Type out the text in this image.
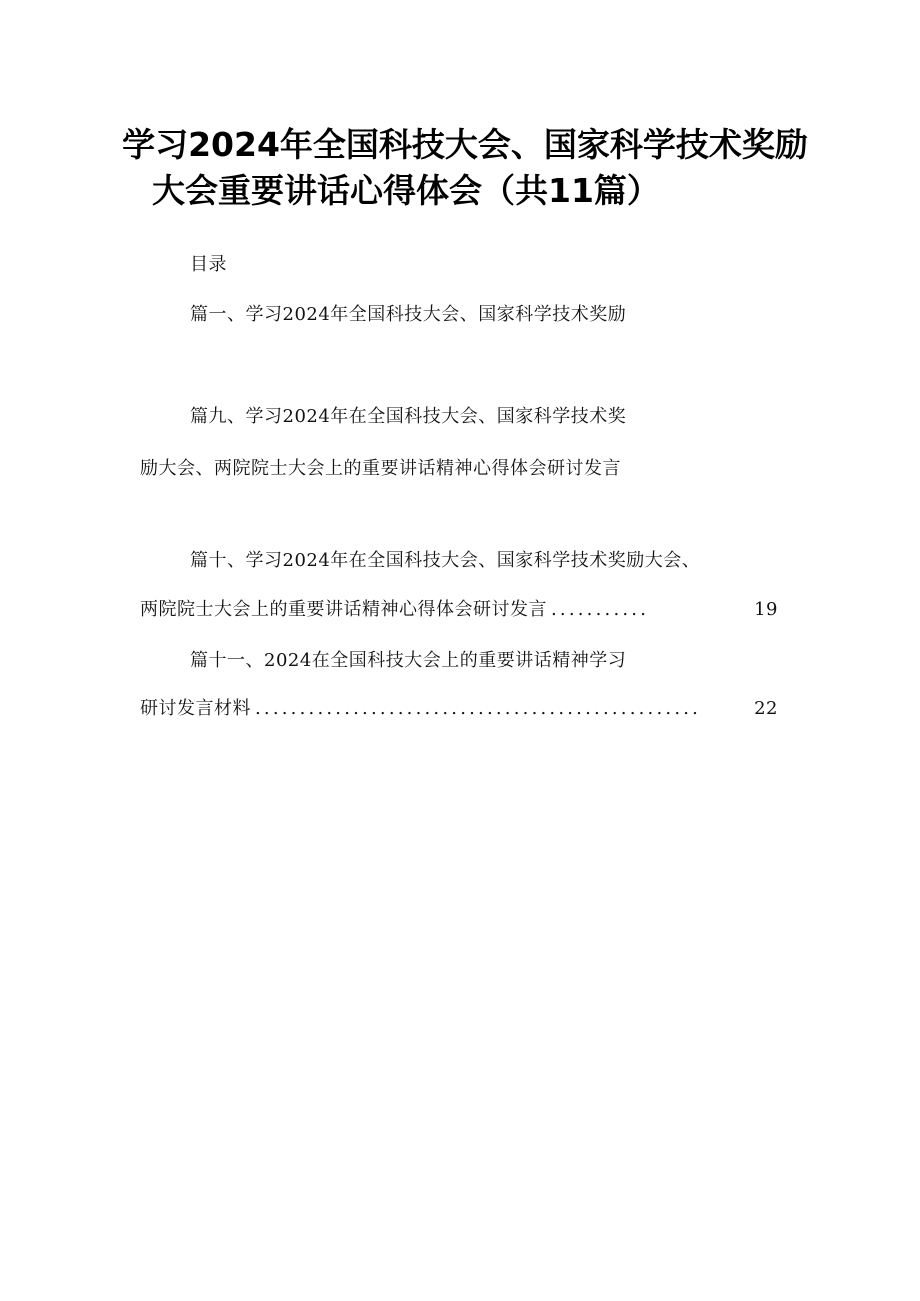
学习2024年全国科技大会、国家科学技术奖励
大会重要讲话心得体会（共11篇）
目录
篇一、学习2024年全国科技大会、国家科学技术奖励
篇九、学习2024年在全国科技大会、国家科学技术奖
励大会、两院院士大会上的重要讲话精神心得体会研讨发言
篇十、学习2024年在全国科技大会、国家科学技术奖励大会、
两院院士大会上的重要讲话精神心得体会研讨发言 ...........	19
篇十一、2024在全国科技大会上的重要讲话精神学习
研讨发言材料 ..................................................	22
